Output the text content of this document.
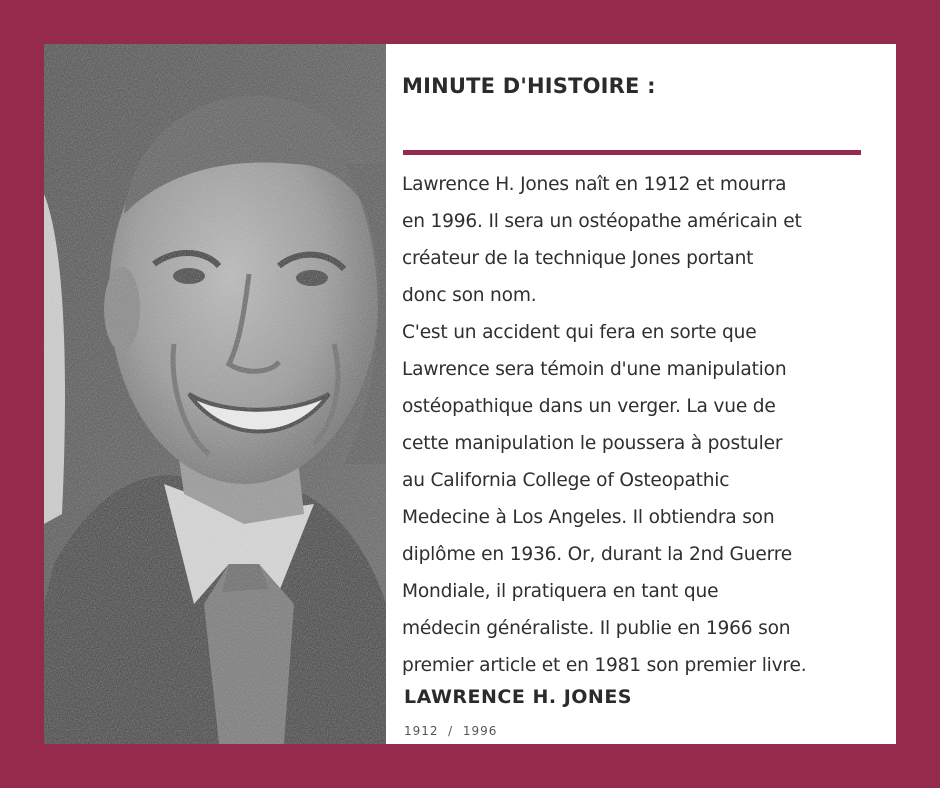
MINUTE D'HISTOIRE :

Lawrence H. Jones naît en 1912 et mourra
en 1996. Il sera un ostéopathe américain et
créateur de la technique Jones portant
donc son nom.
C'est un accident qui fera en sorte que
Lawrence sera témoin d'une manipulation
ostéopathique dans un verger. La vue de
cette manipulation le poussera à postuler
au California College of Osteopathic
Medecine à Los Angeles. Il obtiendra son
diplôme en 1936. Or, durant la 2nd Guerre
Mondiale, il pratiquera en tant que
médecin généraliste. Il publie en 1966 son
premier article et en 1981 son premier livre.

LAWRENCE H. JONES
1912  /  1996
